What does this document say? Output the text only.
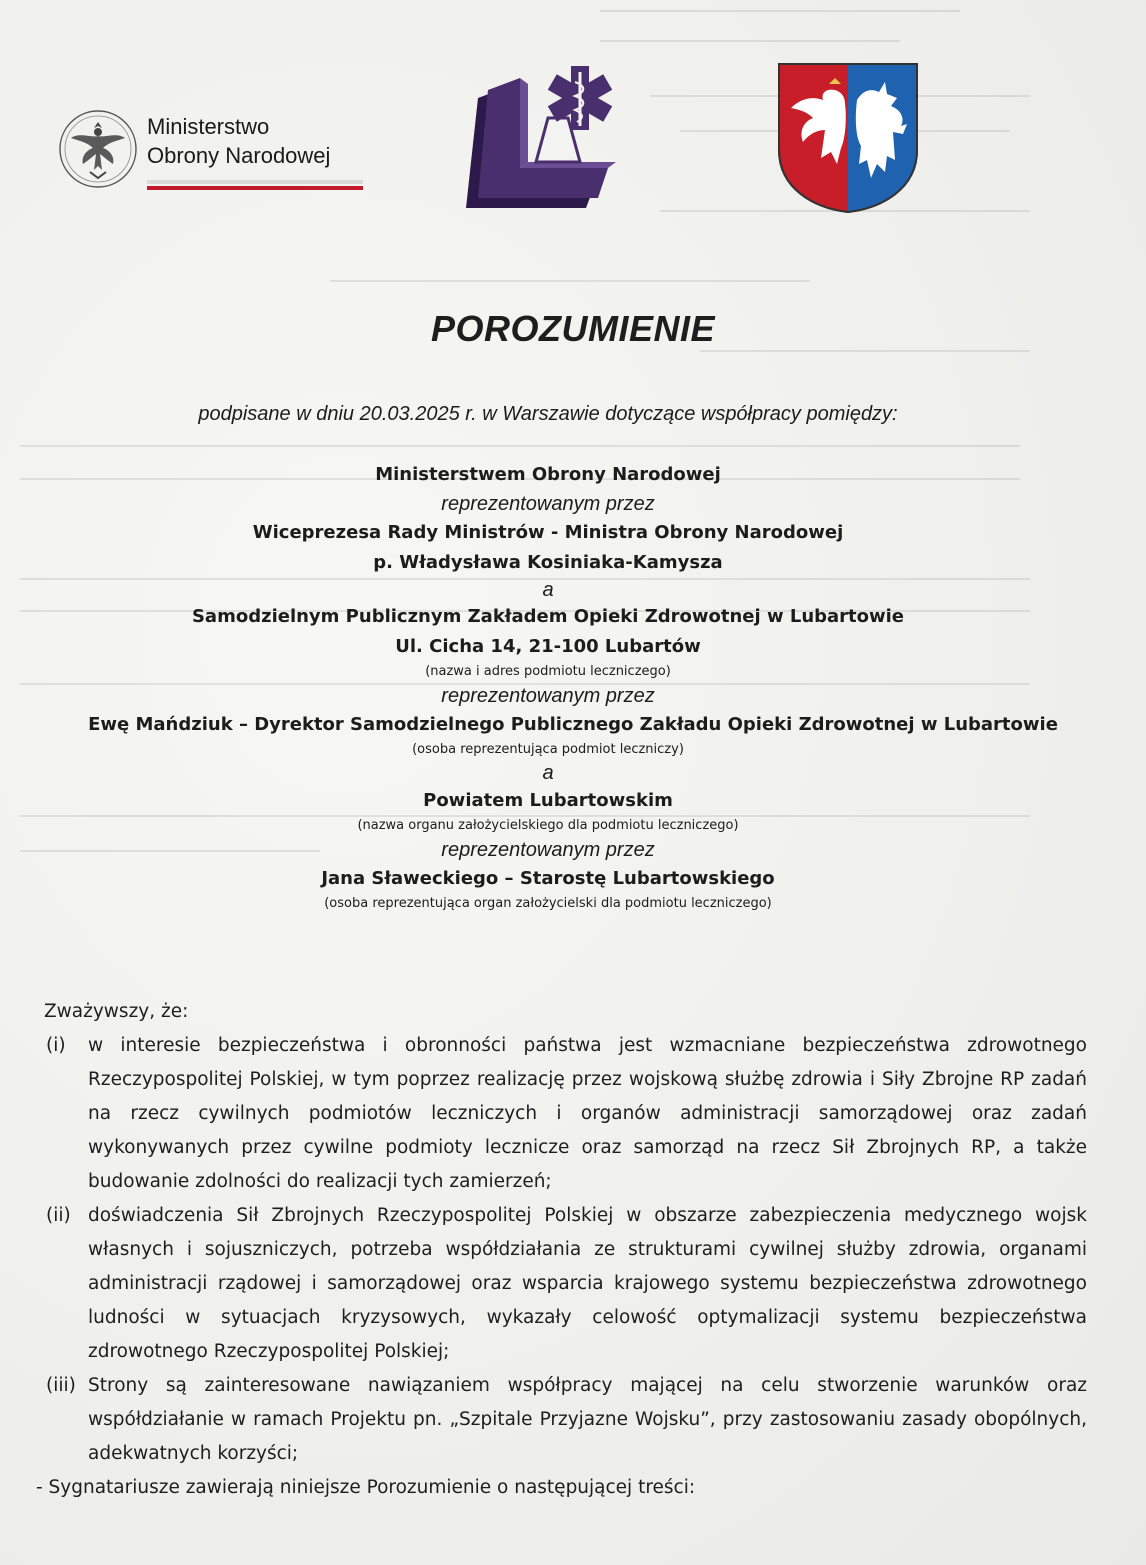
Ministerstwo
Obrony Narodowej
POROZUMIENIE
podpisane w dniu 20.03.2025 r. w Warszawie dotyczące współpracy pomiędzy:
Ministerstwem Obrony Narodowej
reprezentowanym przez
Wiceprezesa Rady Ministrów - Ministra Obrony Narodowej
p. Władysława Kosiniaka-Kamysza
a
Samodzielnym Publicznym Zakładem Opieki Zdrowotnej w Lubartowie
Ul. Cicha 14, 21-100 Lubartów
(nazwa i adres podmiotu leczniczego)
reprezentowanym przez
Ewę Mańdziuk – Dyrektor Samodzielnego Publicznego Zakładu Opieki Zdrowotnej w Lubartowie
(osoba reprezentująca podmiot leczniczy)
a
Powiatem Lubartowskim
(nazwa organu założycielskiego dla podmiotu leczniczego)
reprezentowanym przez
Jana Sławeckiego – Starostę Lubartowskiego
(osoba reprezentująca organ założycielski dla podmiotu leczniczego)
Zważywszy, że:
(i) w interesie bezpieczeństwa i obronności państwa jest wzmacniane bezpieczeństwa zdrowotnego Rzeczypospolitej Polskiej, w tym poprzez realizację przez wojskową służbę zdrowia i Siły Zbrojne RP zadań na rzecz cywilnych podmiotów leczniczych i organów administracji samorządowej oraz zadań wykonywanych przez cywilne podmioty lecznicze oraz samorząd na rzecz Sił Zbrojnych RP, a także budowanie zdolności do realizacji tych zamierzeń;
(ii) doświadczenia Sił Zbrojnych Rzeczypospolitej Polskiej w obszarze zabezpieczenia medycznego wojsk własnych i sojuszniczych, potrzeba współdziałania ze strukturami cywilnej służby zdrowia, organami administracji rządowej i samorządowej oraz wsparcia krajowego systemu bezpieczeństwa zdrowotnego ludności w sytuacjach kryzysowych, wykazały celowość optymalizacji systemu bezpieczeństwa zdrowotnego Rzeczypospolitej Polskiej;
(iii) Strony są zainteresowane nawiązaniem współpracy mającej na celu stworzenie warunków oraz współdziałanie w ramach Projektu pn. „Szpitale Przyjazne Wojsku”, przy zastosowaniu zasady obopólnych, adekwatnych korzyści;
- Sygnatariusze zawierają niniejsze Porozumienie o następującej treści:
